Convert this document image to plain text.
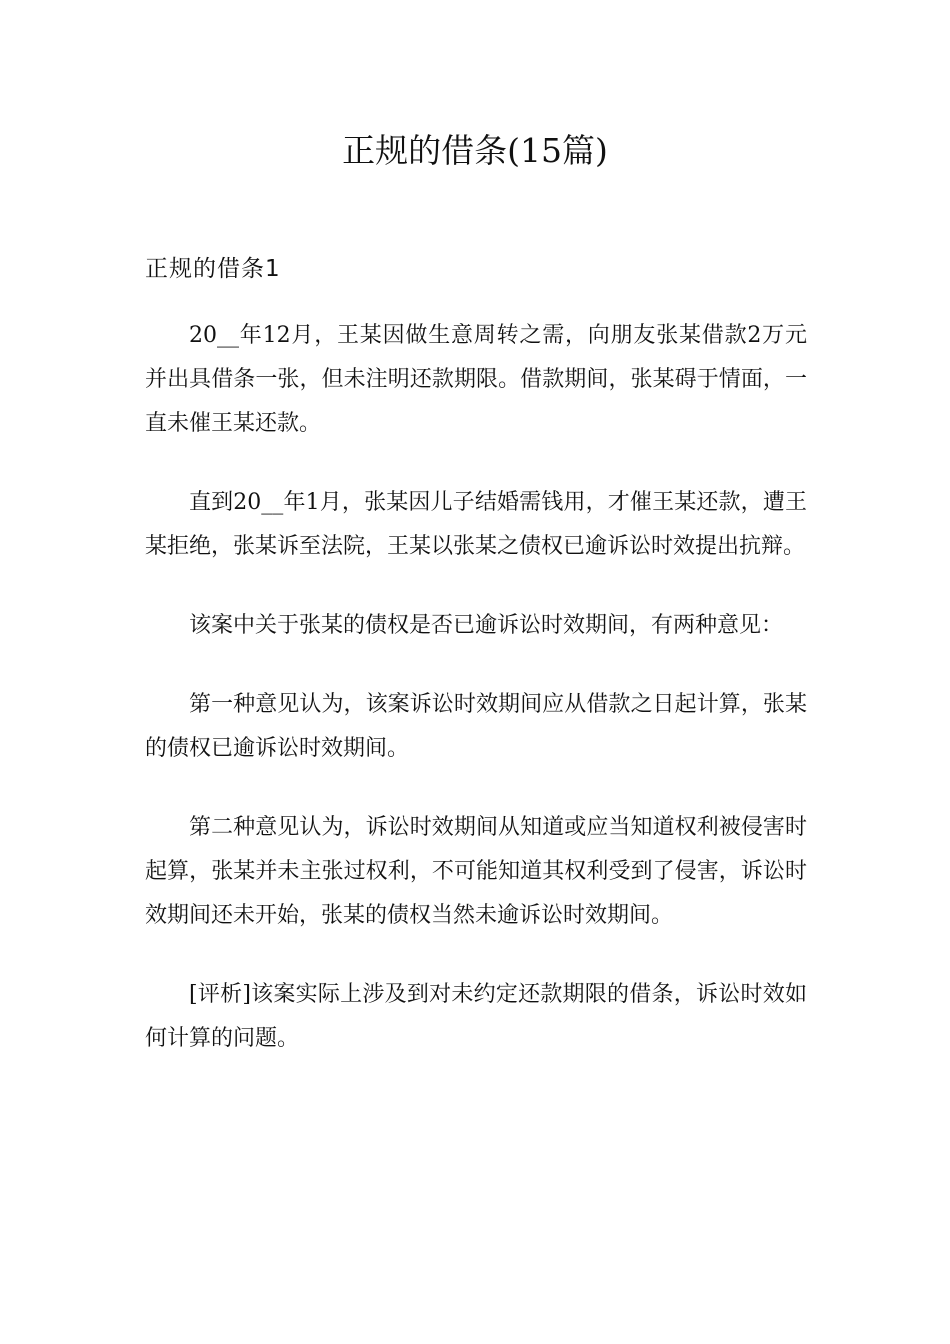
正规的借条(15篇)
正规的借条1

20__年12月，王某因做生意周转之需，向朋友张某借款2万元并出具借条一张，但未注明还款期限。借款期间，张某碍于情面，一直未催王某还款。

直到20__年1月，张某因儿子结婚需钱用，才催王某还款，遭王某拒绝，张某诉至法院，王某以张某之债权已逾诉讼时效提出抗辩。

该案中关于张某的债权是否已逾诉讼时效期间，有两种意见：

第一种意见认为，该案诉讼时效期间应从借款之日起计算，张某的债权已逾诉讼时效期间。

第二种意见认为，诉讼时效期间从知道或应当知道权利被侵害时起算，张某并未主张过权利，不可能知道其权利受到了侵害，诉讼时效期间还未开始，张某的债权当然未逾诉讼时效期间。

[评析]该案实际上涉及到对未约定还款期限的借条，诉讼时效如何计算的问题。
